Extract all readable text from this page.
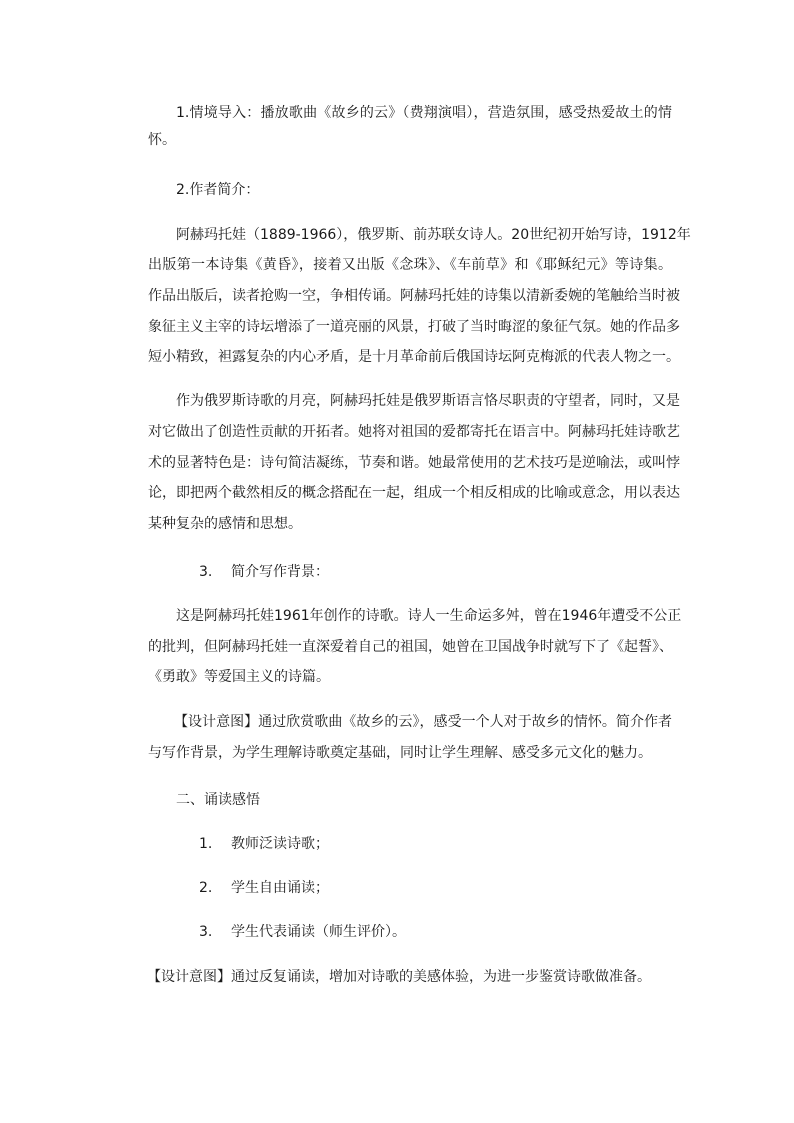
1.情境导入：播放歌曲《故乡的云》（费翔演唱），营造氛围，感受热爱故土的情

怀。

2.作者简介：

阿赫玛托娃（1889-1966），俄罗斯、前苏联女诗人。20世纪初开始写诗，1912年

出版第一本诗集《黄昏》，接着又出版《念珠》、《车前草》和《耶稣纪元》等诗集。

作品出版后，读者抢购一空，争相传诵。阿赫玛托娃的诗集以清新委婉的笔触给当时被

象征主义主宰的诗坛增添了一道亮丽的风景，打破了当时晦涩的象征气氛。她的作品多

短小精致，袒露复杂的内心矛盾，是十月革命前后俄国诗坛阿克梅派的代表人物之一。

作为俄罗斯诗歌的月亮，阿赫玛托娃是俄罗斯语言恪尽职责的守望者，同时，又是

对它做出了创造性贡献的开拓者。她将对祖国的爱都寄托在语言中。阿赫玛托娃诗歌艺

术的显著特色是：诗句简洁凝练，节奏和谐。她最常使用的艺术技巧是逆喻法，或叫悖

论，即把两个截然相反的概念搭配在一起，组成一个相反相成的比喻或意念，用以表达

某种复杂的感情和思想。

3. 简介写作背景：

这是阿赫玛托娃1961年创作的诗歌。诗人一生命运多舛，曾在1946年遭受不公正

的批判，但阿赫玛托娃一直深爱着自己的祖国，她曾在卫国战争时就写下了《起誓》、

《勇敢》等爱国主义的诗篇。

【设计意图】通过欣赏歌曲《故乡的云》，感受一个人对于故乡的情怀。简介作者

与写作背景，为学生理解诗歌奠定基础，同时让学生理解、感受多元文化的魅力。

二、诵读感悟

1. 教师泛读诗歌；

2. 学生自由诵读；

3. 学生代表诵读（师生评价）。

【设计意图】通过反复诵读，增加对诗歌的美感体验，为进一步鉴赏诗歌做准备。
